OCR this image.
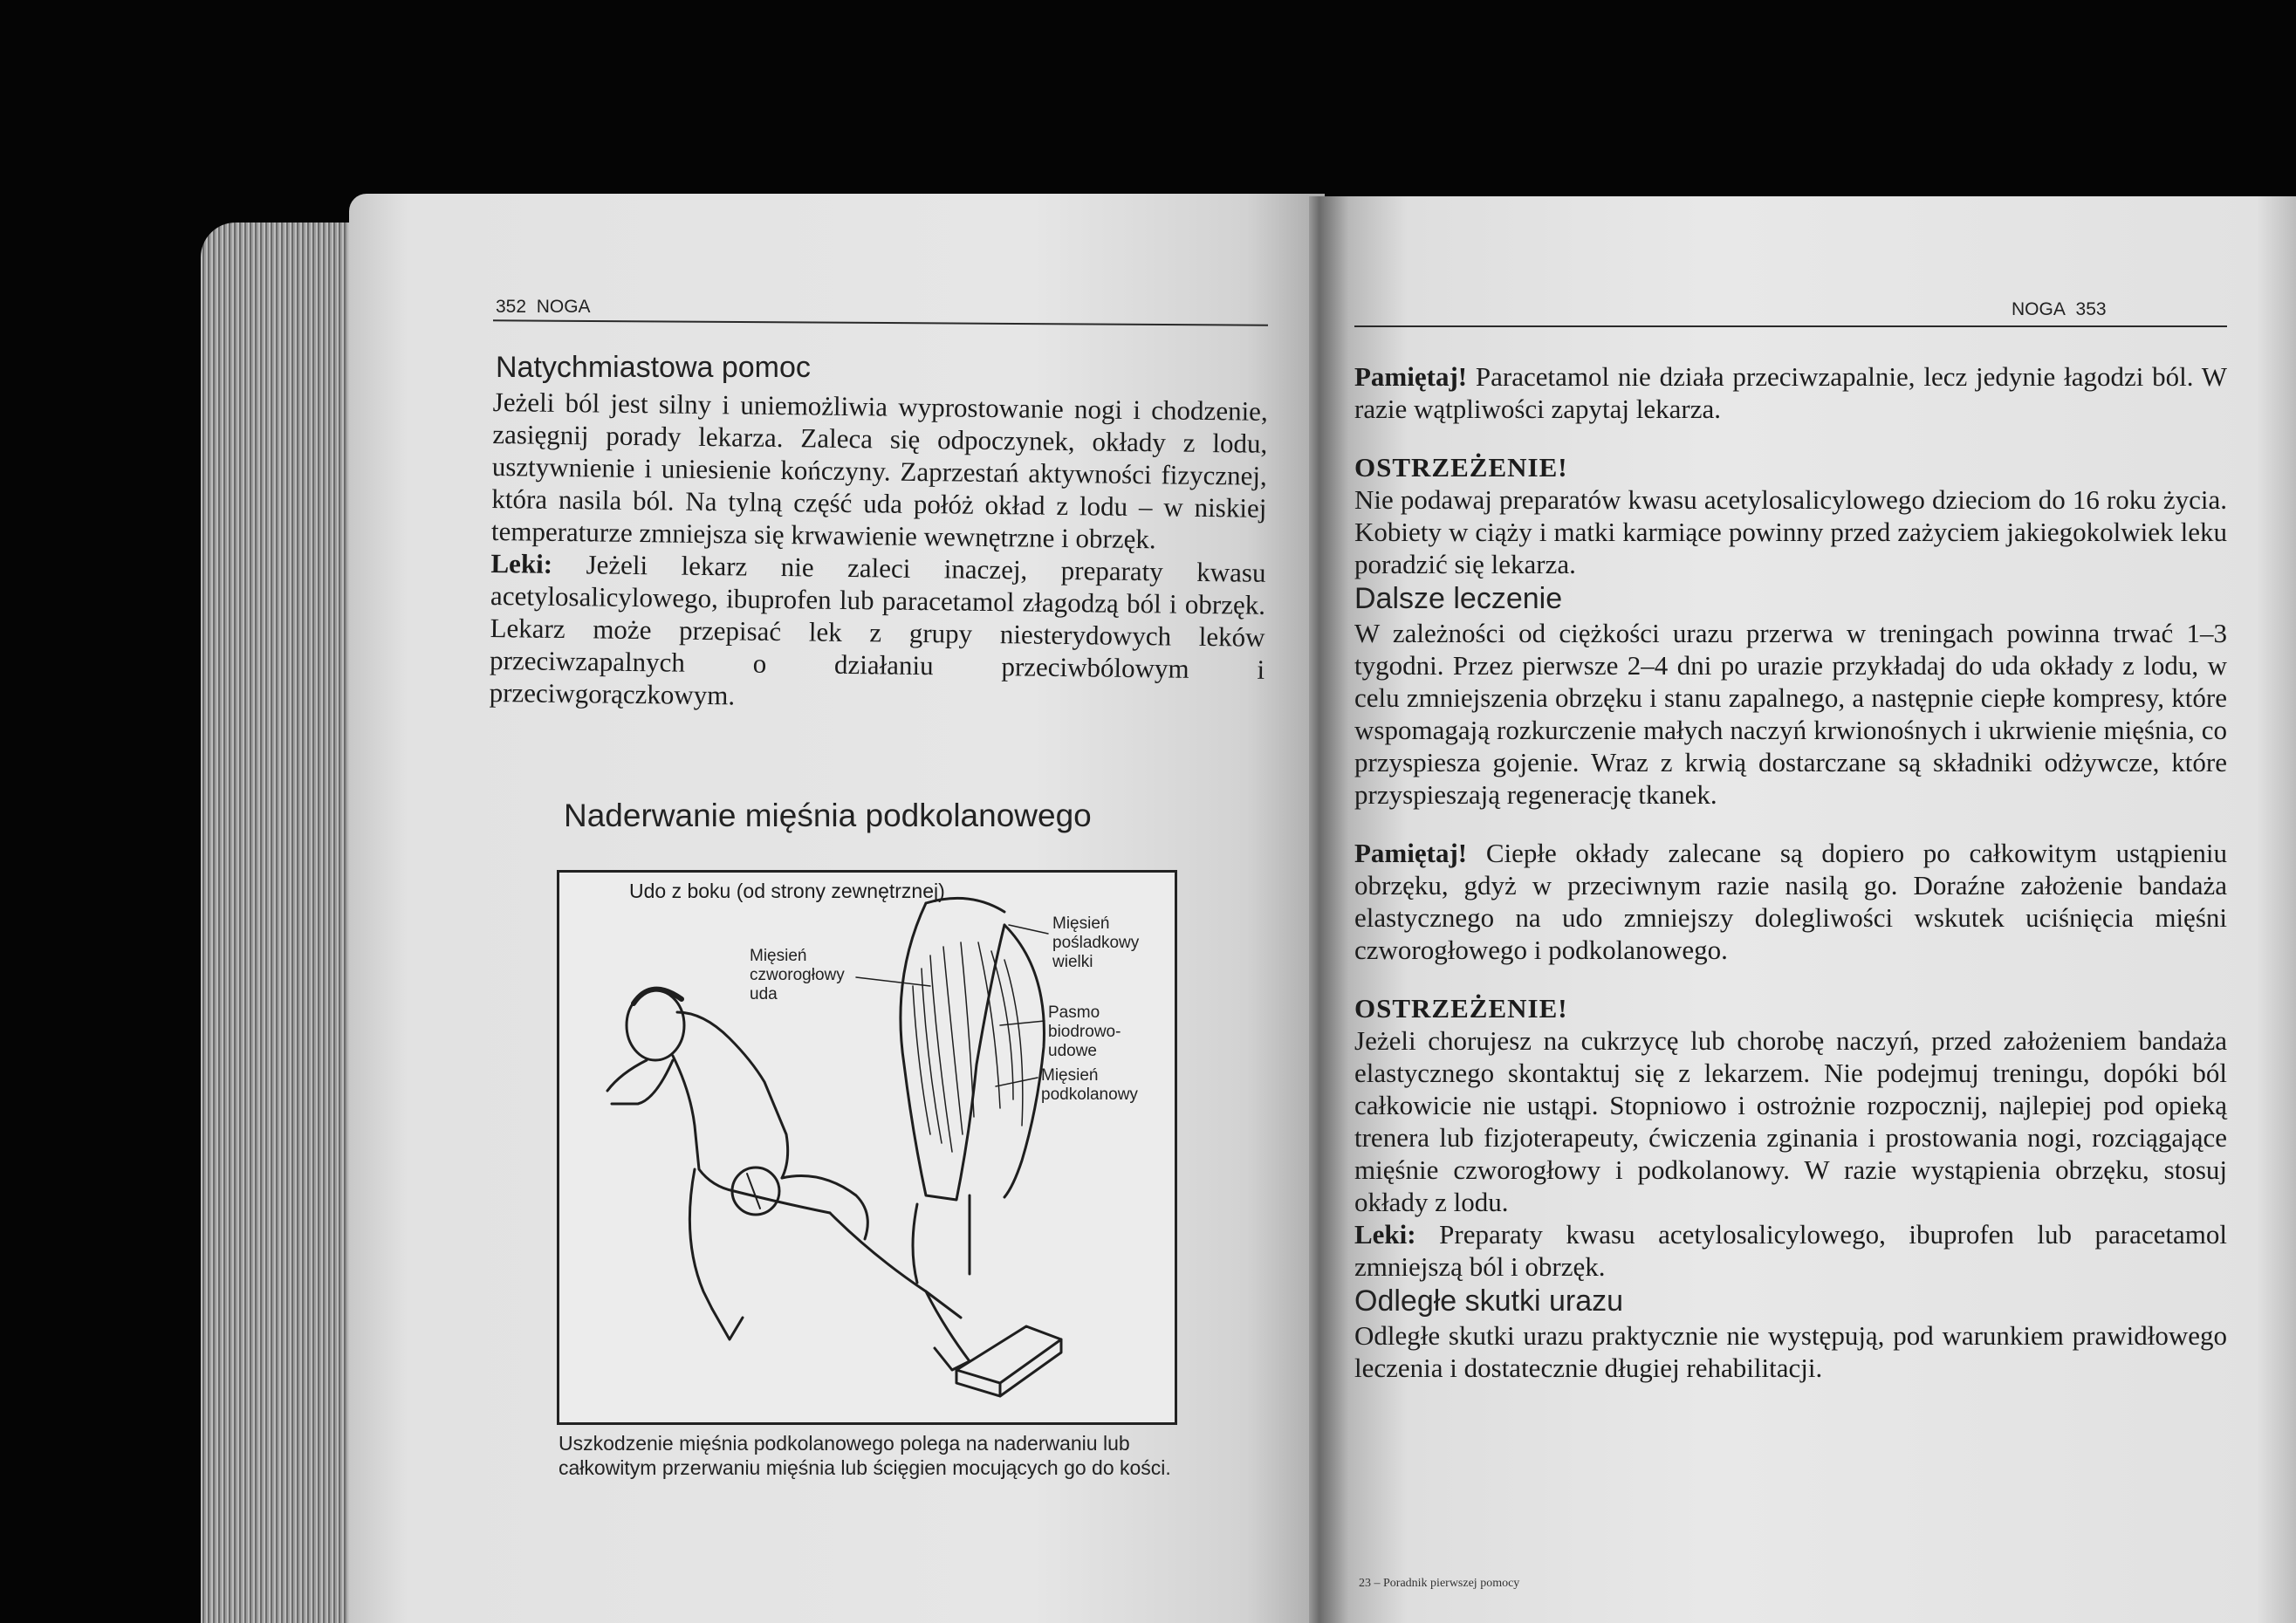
352 NOGA
Natychmiastowa pomoc

Jeżeli ból jest silny i uniemożliwia wyprostowanie nogi i chodzenie, zasięgnij porady lekarza. Zaleca się odpoczynek, okłady z lodu, usztywnienie i uniesienie kończyny. Zaprzestań aktywności fizycznej, która nasila ból. Na tylną część uda połóż okład z lodu – w niskiej temperaturze zmniejsza się krwawienie wewnętrzne i obrzęk.

Leki: Jeżeli lekarz nie zaleci inaczej, preparaty kwasu acetylosalicylowego, ibuprofen lub paracetamol złagodzą ból i obrzęk. Lekarz może przepisać lek z grupy niesterydowych leków przeciwzapalnych o działaniu przeciwbólowym i przeciwgorączkowym.

Naderwanie mięśnia podkolanowego
Udo z boku (od strony zewnętrznej)
Mięsień czworogłowy uda
Mięsień pośladkowy wielki
Pasmo biodrowo-udowe
Mięsień podkolanowy
Uszkodzenie mięśnia podkolanowego polega na naderwaniu lub całkowitym przerwaniu mięśnia lub ścięgien mocujących go do kości.
NOGA 353

Pamiętaj! Paracetamol nie działa przeciwzapalnie, lecz jedynie łagodzi ból. W razie wątpliwości zapytaj lekarza.

OSTRZEŻENIE!

Nie podawaj preparatów kwasu acetylosalicylowego dzieciom do 16 roku życia. Kobiety w ciąży i matki karmiące powinny przed zażyciem jakiegokolwiek leku poradzić się lekarza.

Dalsze leczenie

W zależności od ciężkości urazu przerwa w treningach powinna trwać 1–3 tygodni. Przez pierwsze 2–4 dni po urazie przykładaj do uda okłady z lodu, w celu zmniejszenia obrzęku i stanu zapalnego, a następnie ciepłe kompresy, które wspomagają rozkurczenie małych naczyń krwionośnych i ukrwienie mięśnia, co przyspiesza gojenie. Wraz z krwią dostarczane są składniki odżywcze, które przyspieszają regenerację tkanek.

Pamiętaj! Ciepłe okłady zalecane są dopiero po całkowitym ustąpieniu obrzęku, gdyż w przeciwnym razie nasilą go. Doraźne założenie bandaża elastycznego na udo zmniejszy dolegliwości wskutek uciśnięcia mięśni czworogłowego i podkolanowego.

OSTRZEŻENIE!

Jeżeli chorujesz na cukrzycę lub chorobę naczyń, przed założeniem bandaża elastycznego skontaktuj się z lekarzem. Nie podejmuj treningu, dopóki ból całkowicie nie ustąpi. Stopniowo i ostrożnie rozpocznij, najlepiej pod opieką trenera lub fizjoterapeuty, ćwiczenia zginania i prostowania nogi, rozciągające mięśnie czworogłowy i podkolanowy. W razie wystąpienia obrzęku, stosuj okłady z lodu.

Leki: Preparaty kwasu acetylosalicylowego, ibuprofen lub paracetamol zmniejszą ból i obrzęk.

Odległe skutki urazu

Odległe skutki urazu praktycznie nie występują, pod warunkiem prawidłowego leczenia i dostatecznie długiej rehabilitacji.

23 – Poradnik pierwszej pomocy
